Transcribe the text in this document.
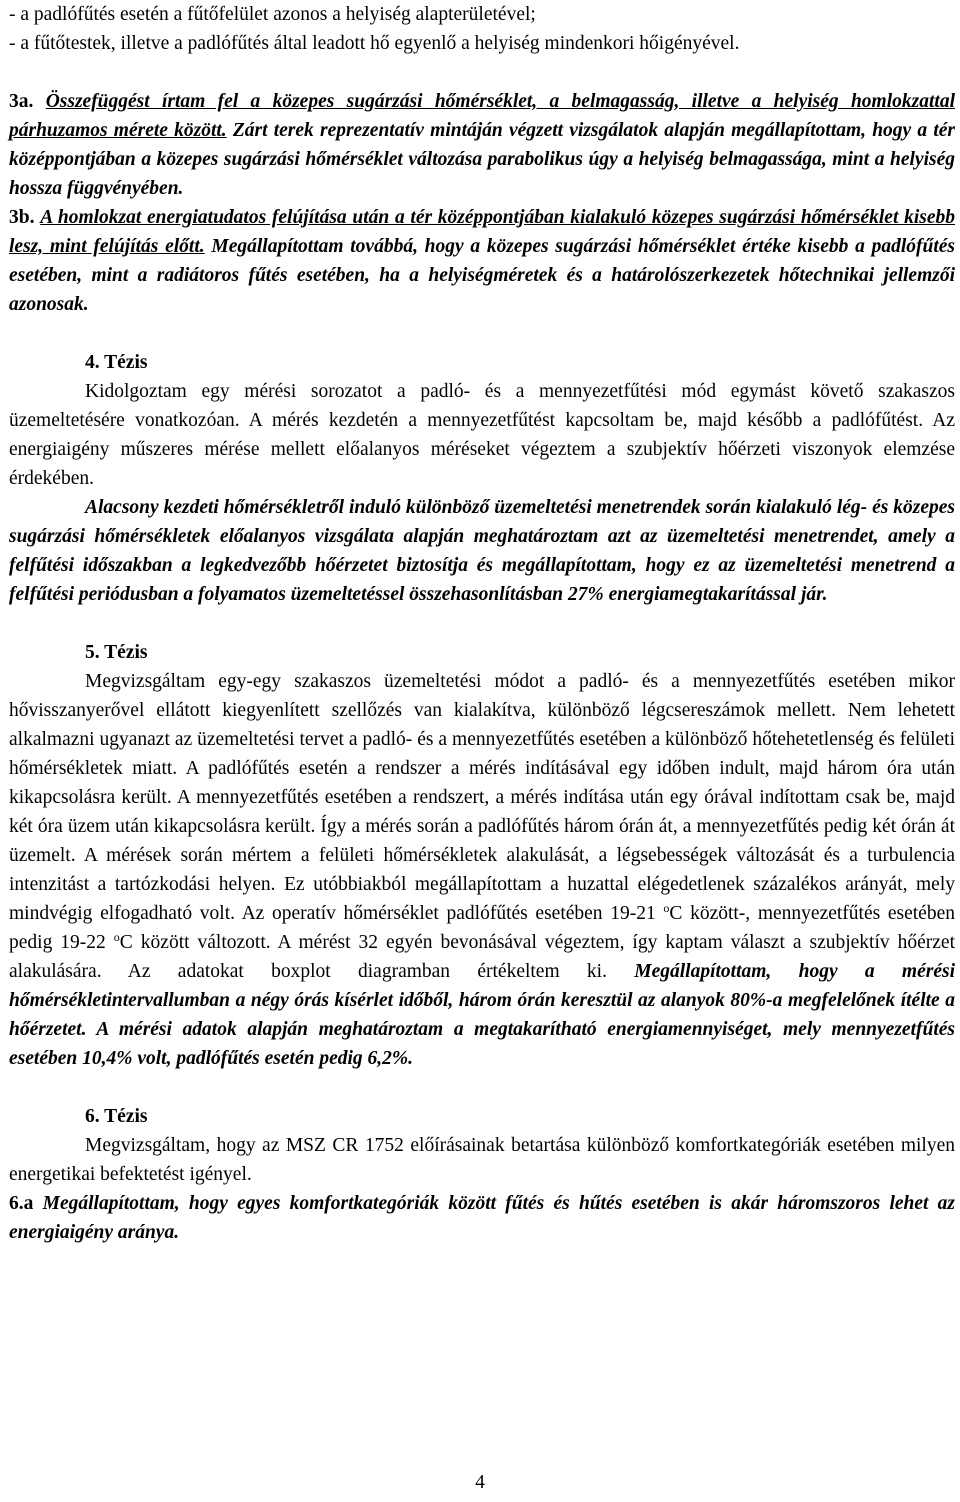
- a padlófűtés esetén a fűtőfelület azonos a helyiség alapterületével;

- a fűtőtestek, illetve a padlófűtés által leadott hő egyenlő a helyiség mindenkori hőigényével.

3a. Összefüggést írtam fel a közepes sugárzási hőmérséklet, a belmagasság, illetve a helyiség homlokzattal párhuzamos mérete között. Zárt terek reprezentatív mintáján végzett vizsgálatok alapján megállapítottam, hogy a tér középpontjában a közepes sugárzási hőmérséklet változása parabolikus úgy a helyiség belmagassága, mint a helyiség hossza függvényében.

3b. A homlokzat energiatudatos felújítása után a tér középpontjában kialakuló közepes sugárzási hőmérséklet kisebb lesz, mint felújítás előtt. Megállapítottam továbbá, hogy a közepes sugárzási hőmérséklet értéke kisebb a padlófűtés esetében, mint a radiátoros fűtés esetében, ha a helyiségméretek és a határolószerkezetek hőtechnikai jellemzői azonosak.

4. Tézis

Kidolgoztam egy mérési sorozatot a padló- és a mennyezetfűtési mód egymást követő szakaszos üzemeltetésére vonatkozóan. A mérés kezdetén a mennyezetfűtést kapcsoltam be, majd később a padlófűtést. Az energiaigény műszeres mérése mellett előalanyos méréseket végeztem a szubjektív hőérzeti viszonyok elemzése érdekében.

Alacsony kezdeti hőmérsékletről induló különböző üzemeltetési menetrendek során kialakuló lég- és közepes sugárzási hőmérsékletek előalanyos vizsgálata alapján meghatároztam azt az üzemeltetési menetrendet, amely a felfűtési időszakban a legkedvezőbb hőérzetet biztosítja és megállapítottam, hogy ez az üzemeltetési menetrend a felfűtési periódusban a folyamatos üzemeltetéssel összehasonlításban 27% energiamegtakarítással jár.

5. Tézis

Megvizsgáltam egy-egy szakaszos üzemeltetési módot a padló- és a mennyezetfűtés esetében mikor hővisszanyerővel ellátott kiegyenlített szellőzés van kialakítva, különböző légcsereszámok mellett. Nem lehetett alkalmazni ugyanazt az üzemeltetési tervet a padló- és a mennyezetfűtés esetében a különböző hőtehetetlenség és felületi hőmérsékletek miatt. A padlófűtés esetén a rendszer a mérés indításával egy időben indult, majd három óra után kikapcsolásra került. A mennyezetfűtés esetében a rendszert, a mérés indítása után egy órával indítottam csak be, majd két óra üzem után kikapcsolásra került. Így a mérés során a padlófűtés három órán át, a mennyezetfűtés pedig két órán át üzemelt. A mérések során mértem a felületi hőmérsékletek alakulását, a légsebességek változását és a turbulencia intenzitást a tartózkodási helyen. Ez utóbbiakból megállapítottam a huzattal elégedetlenek százalékos arányát, mely mindvégig elfogadható volt. Az operatív hőmérséklet padlófűtés esetében 19-21 $^o$C között-, mennyezetfűtés esetében pedig 19-22 $^o$C között változott. A mérést 32 egyén bevonásával végeztem, így kaptam választ a szubjektív hőérzet alakulására. Az adatokat boxplot diagramban értékeltem ki. Megállapítottam, hogy a mérési hőmérsékletintervallumban a négy órás kísérlet időből, három órán keresztül az alanyok 80%-a megfelelőnek ítélte a hőérzetet. A mérési adatok alapján meghatároztam a megtakarítható energiamennyiséget, mely mennyezetfűtés esetében 10,4% volt, padlófűtés esetén pedig 6,2%.

6. Tézis

Megvizsgáltam, hogy az MSZ CR 1752 előírásainak betartása különböző komfortkategóriák esetében milyen energetikai befektetést igényel.

6.a Megállapítottam, hogy egyes komfortkategóriák között fűtés és hűtés esetében is akár háromszoros lehet az energiaigény aránya.

4
